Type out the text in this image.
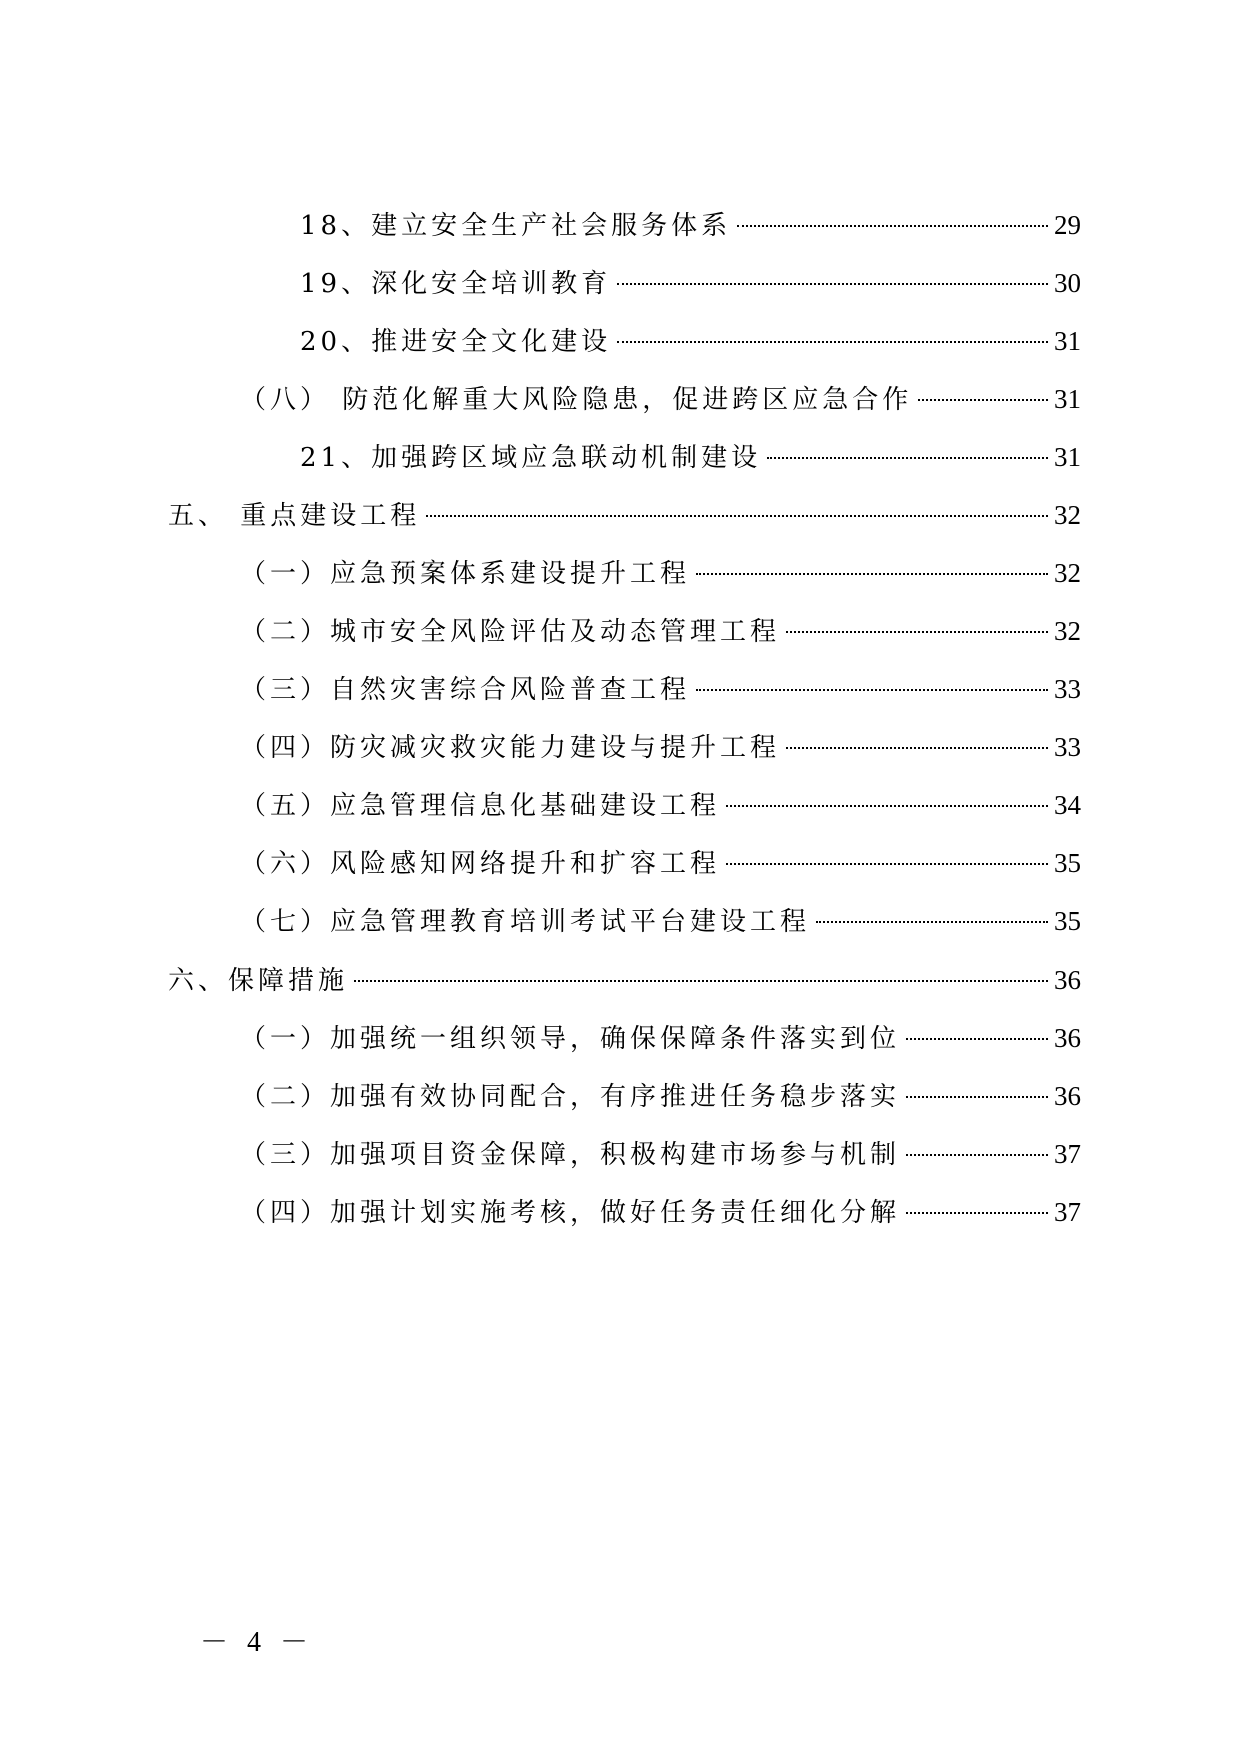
18、建立安全生产社会服务体系	29
19、深化安全培训教育	30
20、推进安全文化建设	31
（八） 防范化解重大风险隐患，促进跨区应急合作	31
21、加强跨区域应急联动机制建设	31
五、 重点建设工程	32
（一）应急预案体系建设提升工程	32
（二）城市安全风险评估及动态管理工程	32
（三）自然灾害综合风险普查工程	33
（四）防灾减灾救灾能力建设与提升工程	33
（五）应急管理信息化基础建设工程	34
（六）风险感知网络提升和扩容工程	35
（七）应急管理教育培训考试平台建设工程	35
六、保障措施	36
（一）加强统一组织领导，确保保障条件落实到位	36
（二）加强有效协同配合，有序推进任务稳步落实	36
（三）加强项目资金保障，积极构建市场参与机制	37
（四）加强计划实施考核，做好任务责任细化分解	37
－ 4 －
